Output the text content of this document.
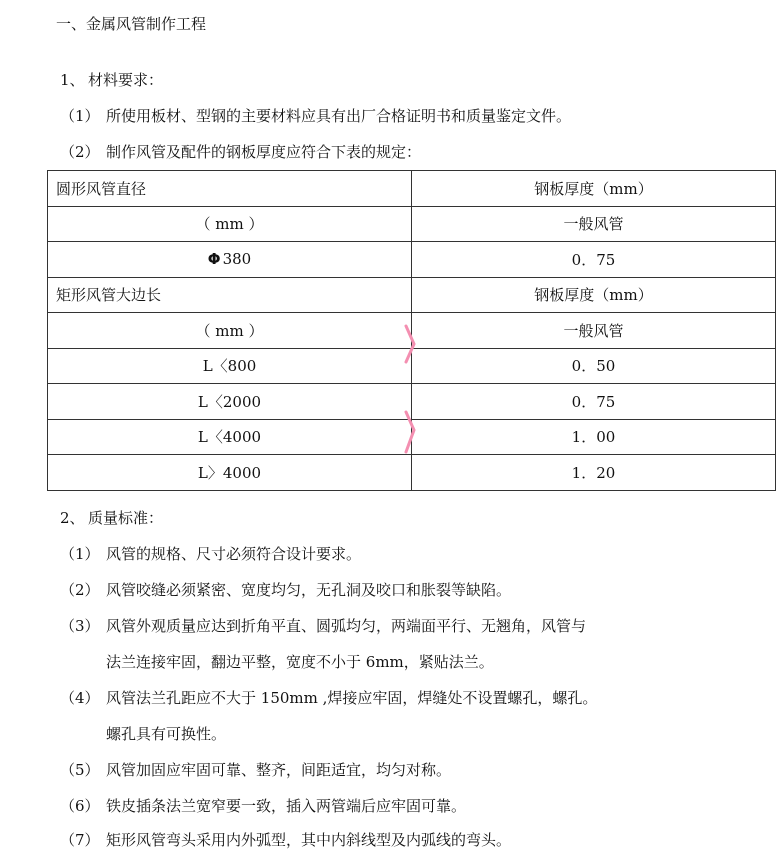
一、金属风管制作工程
1、 材料要求：
（1） 所使用板材、型钢的主要材料应具有出厂合格证明书和质量鉴定文件。
（2） 制作风管及配件的钢板厚度应符合下表的规定：
圆形风管直径	钢板厚度（mm）
（ mm ）	一般风管
Φ 380	0．75
矩形风管大边长	钢板厚度（mm）
（ mm ）	一般风管
L〈800	0．50
L〈2000	0．75
L〈4000	1．00
L〉4000	1．20
2、 质量标准：
（1） 风管的规格、尺寸必须符合设计要求。
（2） 风管咬缝必须紧密、宽度均匀，无孔洞及咬口和胀裂等缺陷。
（3） 风管外观质量应达到折角平直、圆弧均匀，两端面平行、无翘角，风管与
法兰连接牢固，翻边平整，宽度不小于 6mm，紧贴法兰。
（4） 风管法兰孔距应不大于 150mm ,焊接应牢固，焊缝处不设置螺孔，螺孔。
螺孔具有可换性。
（5） 风管加固应牢固可靠、整齐，间距适宜，均匀对称。
（6） 铁皮插条法兰宽窄要一致，插入两管端后应牢固可靠。
（7） 矩形风管弯头采用内外弧型，其中内斜线型及内弧线的弯头。
